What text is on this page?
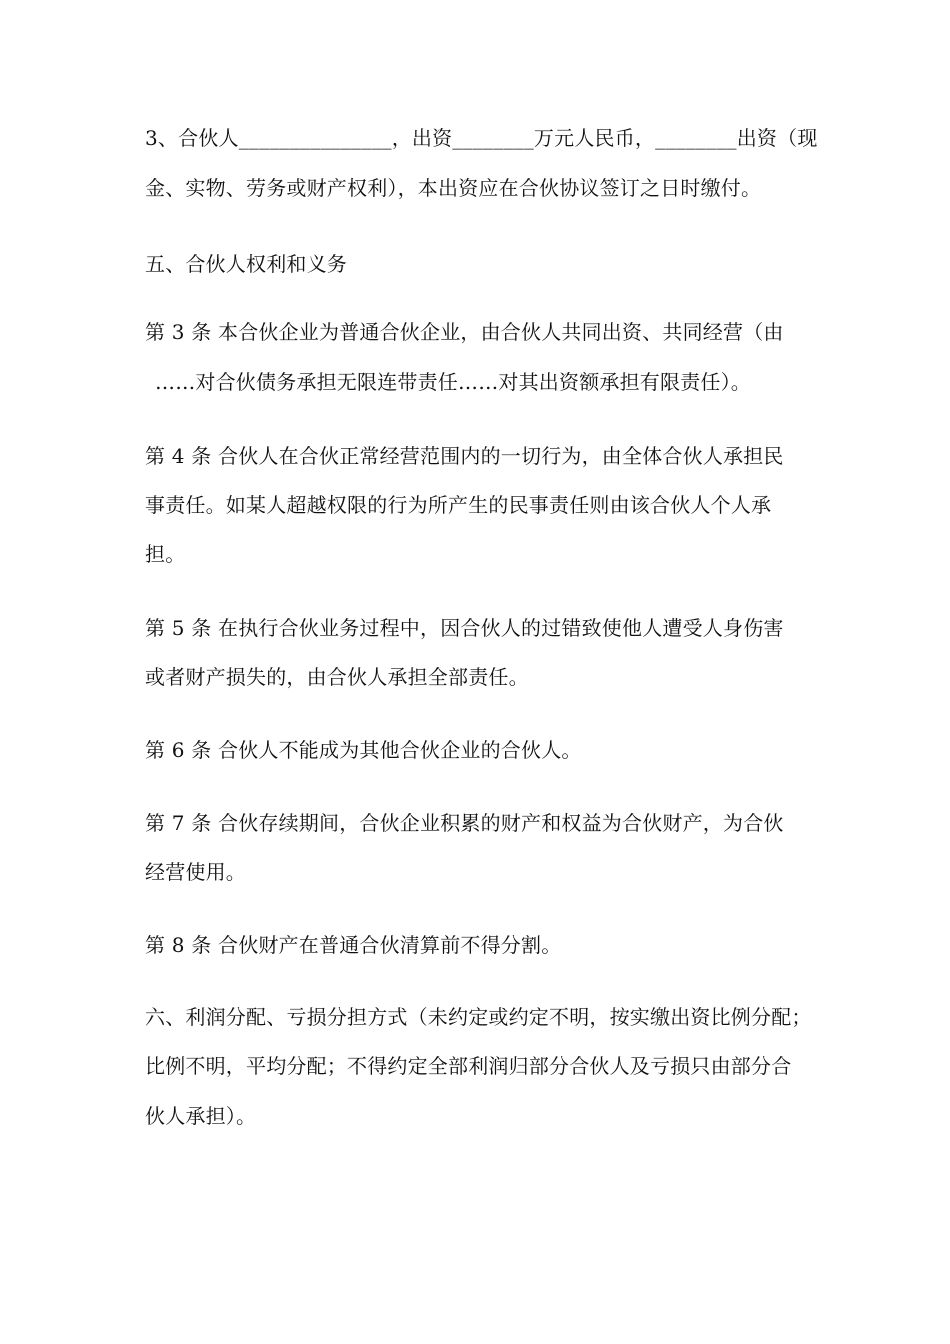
3、合伙人_______________，出资________万元人民币，________出资（现
金、实物、劳务或财产权利），本出资应在合伙协议签订之日时缴付。
五、合伙人权利和义务
第 3 条 本合伙企业为普通合伙企业，由合伙人共同出资、共同经营（由
……对合伙债务承担无限连带责任……对其出资额承担有限责任）。
第 4 条 合伙人在合伙正常经营范围内的一切行为，由全体合伙人承担民
事责任。如某人超越权限的行为所产生的民事责任则由该合伙人个人承
担。
第 5 条 在执行合伙业务过程中，因合伙人的过错致使他人遭受人身伤害
或者财产损失的，由合伙人承担全部责任。
第 6 条 合伙人不能成为其他合伙企业的合伙人。
第 7 条 合伙存续期间，合伙企业积累的财产和权益为合伙财产，为合伙
经营使用。
第 8 条 合伙财产在普通合伙清算前不得分割。
六、利润分配、亏损分担方式（未约定或约定不明，按实缴出资比例分配；
比例不明，平均分配；不得约定全部利润归部分合伙人及亏损只由部分合
伙人承担）。
